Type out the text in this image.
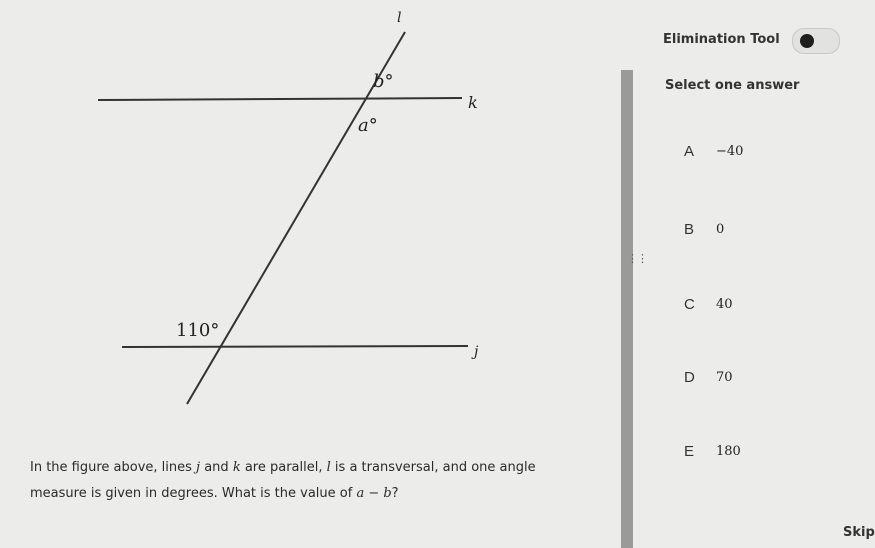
l
k
j
b°
a°
110°
In the figure above, lines j and k are parallel, l is a transversal, and one angle measure is given in degrees. What is the value of a − b?
⋮⋮
Elimination Tool
Select one answer
A	−40
B	0
C	40
D	70
E	180
Skip
